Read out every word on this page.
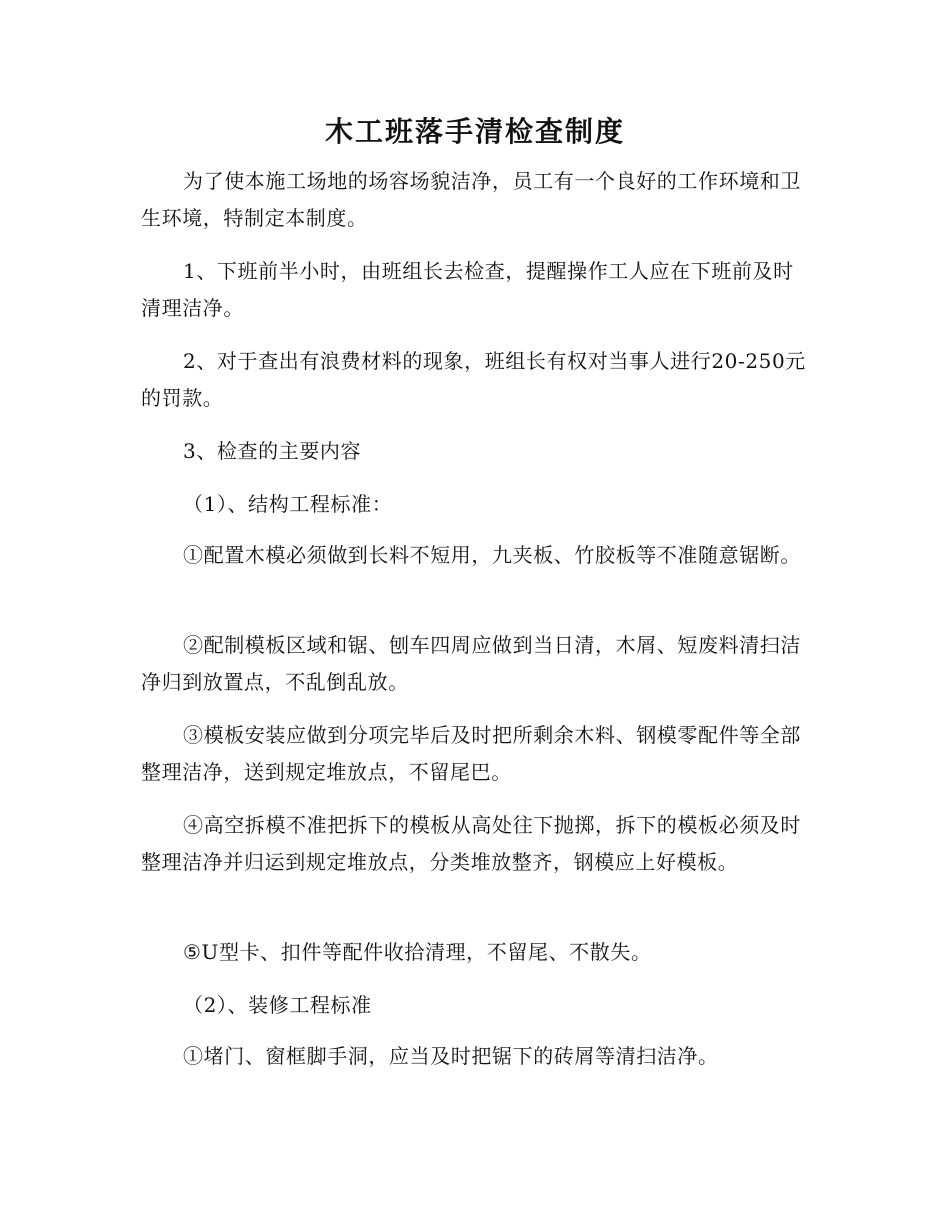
木工班落手清检查制度

为了使本施工场地的场容场貌洁净，员工有一个良好的工作环境和卫生环境，特制定本制度。

1、下班前半小时，由班组长去检查，提醒操作工人应在下班前及时清理洁净。

2、对于查出有浪费材料的现象，班组长有权对当事人进行20-250元的罚款。

3、检查的主要内容

（1）、结构工程标准：

①配置木模必须做到长料不短用，九夹板、竹胶板等不准随意锯断。

②配制模板区域和锯、刨车四周应做到当日清，木屑、短废料清扫洁净归到放置点，不乱倒乱放。

③模板安装应做到分项完毕后及时把所剩余木料、钢模零配件等全部整理洁净，送到规定堆放点，不留尾巴。

④高空拆模不准把拆下的模板从高处往下抛掷，拆下的模板必须及时整理洁净并归运到规定堆放点，分类堆放整齐，钢模应上好模板。

⑤U型卡、扣件等配件收拾清理，不留尾、不散失。

（2）、装修工程标准

①堵门、窗框脚手洞，应当及时把锯下的砖屑等清扫洁净。
